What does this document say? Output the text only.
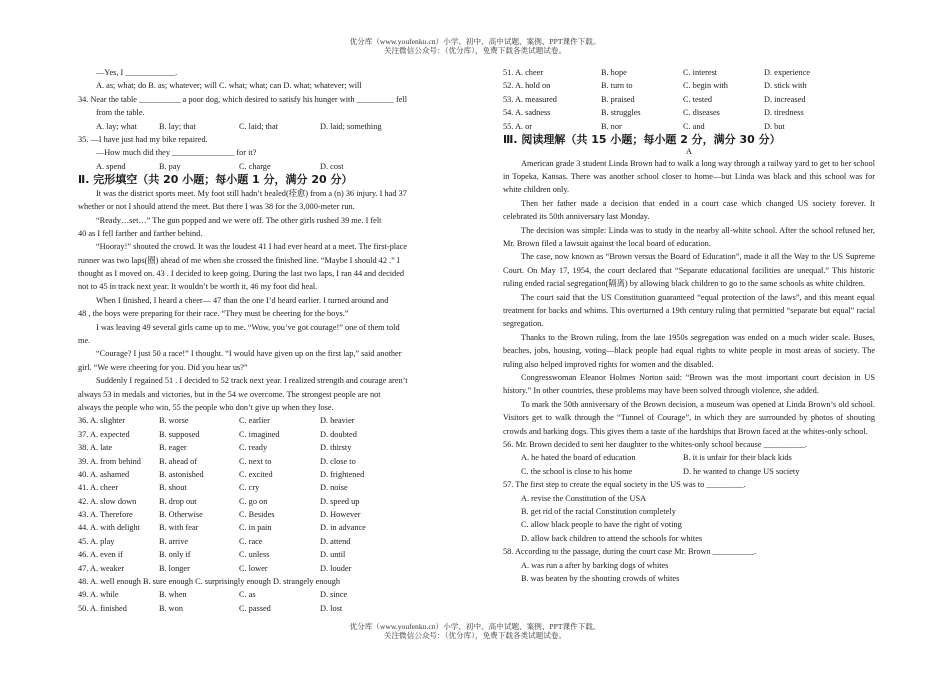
优分库（www.youfenku.cn）小学、初中、高中试题、案例、PPT课件下载。
关注微信公众号：（优分库），免费下载各类试题试卷。
—Yes, I ____________.
A. as; what; do B. as; whatever; will C. what; what; can D. what; whatever; will
34. Near the table __________ a poor dog, which desired to satisfy his hunger with _________ fell
from the table.
A. lay; what	B. lay; that	C. laid; that	D. laid; something
35. —I have just had my bike repaired.
—How much did they _______________ for it?
A. spend	B. pay	C. charge	D. cost
Ⅱ. 完形填空（共 20 小题；每小题 1 分，满分 20 分）
It was the district sports meet. My foot still hadn’t healed(痊愈) from a (n) 36 injury. I had 37
whether or not I should attend the meet. But there I was 38 for the 3,000-meter run.
“Ready…set…” The gun popped and we were off. The other girls rushed 39 me. I felt
40 as I fell farther and farther behind.
“Hooray!” shouted the crowd. It was the loudest 41 I had ever heard at a meet. The first-place
runner was two laps(圈) ahead of me when she crossed the finished line. “Maybe I should 42 .” I
thought as I moved on. 43 . I decided to keep going. During the last two laps, I ran 44 and decided
not to 45 in track next year. It wouldn’t be worth it, 46 my foot did heal.
When I finished, I heard a cheer— 47 than the one I’d heard earlier. I turned around and
48 , the boys were preparing for their race. “They must be cheering for the boys.”
I was leaving 49 several girls came up to me. “Wow, you’ve got courage!” one of them told
me.
“Courage? I just 50 a race!” I thought. “I would have given up on the first lap,” said another
girl. “We were cheering for you. Did you hear us?”
Suddenly I regained 51 . I decided to 52 track next year. I realized strength and courage aren’t
always 53 in medals and victories, but in the 54 we overcome. The strongest people are not
always the people who win, 55 the people who don’t give up when they lose.
36. A. slighter	B. worse	C. earlier	D. heavier
37. A. expected	B. supposed	C. imagined	D. doubted
38. A. late	B. eager	C. ready	D. thirsty
39. A. from behind B. ahead of	C. next to	D. close to
40. A. ashamed	B. astonished	C. excited	D. frightened
41. A. cheer	B. shout	C. cry	D. noise
42. A. slow down	B. drop out	C. go on	D. speed up
43. A. Therefore	B. Otherwise	C. Besides	D. However
44. A. with delight B. with fear	C. in pain	D. in advance
45. A. play	B. arrive	C. race	D. attend
46. A. even if	B. only if	C. unless	D. until
47. A. weaker	B. longer	C. lower	D. louder
48. A. well enough B. sure enough C. surprisingly enough D. strangely enough
49. A. while	B. when	C. as	D. since
50. A. finished	B. won	C. passed	D. lost
51. A. cheer	B. hope	C. interest	D. experience
52. A. hold on	B. turn to	C. begin with	D. stick with
53. A. measured	B. praised	C. tested	D. increased
54. A. sadness	B. struggles	C. diseases	D. tiredness
55. A. or	B. nor	C. and	D. but
Ⅲ. 阅读理解（共 15 小题；每小题 2 分，满分 30 分）
A

American grade 3 student Linda Brown had to walk a long way through a railway yard to get to her school in Topeka, Kansas. There was another school closer to home—but Linda was black and this school was for white children only.

Then her father made a decision that ended in a court case which changed US society forever. It celebrated its 50th anniversary last Monday.

The decision was simple: Linda was to study in the nearby all-white school. After the school refused her, Mr. Brown filed a lawsuit against the local board of education.

The case, now known as “Brown versus the Board of Education”, made it all the Way to the US Supreme Court. On May 17, 1954, the court declared that “Separate educational facilities are unequal.” This historic ruling ended racial segregation(隔离) by allowing black children to go to the same schools as white children.

The court said that the US Constitution guaranteed “equal protection of the laws”, and this meant equal treatment for backs and whims. This overturned a 19th century ruling that permitted “separate but equal” racial segregation.

Thanks to the Brown ruling, from the late 1950s segregation was ended on a much wider scale. Buses, beaches, jobs, housing, voting—black people had equal rights to white people in most areas of society. The ruling also helped improved rights for women and the disabled.

Congresswoman Eleanor Holmes Norton said: “Brown was the most important court decision in US history.” In other countries, these problems may have been solved through violence, she added.

To mark the 50th anniversary of the Brown decision, a museum was opened at Linda Brown’s old school. Visitors get to walk through the “Tunnel of Courage”, in which they are surrounded by photos of shouting crowds and barking dogs. This gives them a taste of the hardships that Brown faced at the whites-only school.

56. Mr. Brown decided to sent her daughter to the whites-only school because __________.
A. he hated the board of education	B. it is unfair for their black kids
C. the school is close to his home	D. he wanted to change US society
57. The first step to create the equal society in the US was to _________.
A. revise the Constitution of the USA
B. get rid of the racial Constitution completely
C. allow black people to have the right of voting
D. allow back children to attend the schools for whites
58. According to the passage, during the court case Mr. Brown __________.
A. was run a after by barking dogs of whites
B. was beaten by the shouting crowds of whites
优分库（www.youfenku.cn）小学、初中、高中试题、案例、PPT课件下载。
关注微信公众号：（优分库），免费下载各类试题试卷。
